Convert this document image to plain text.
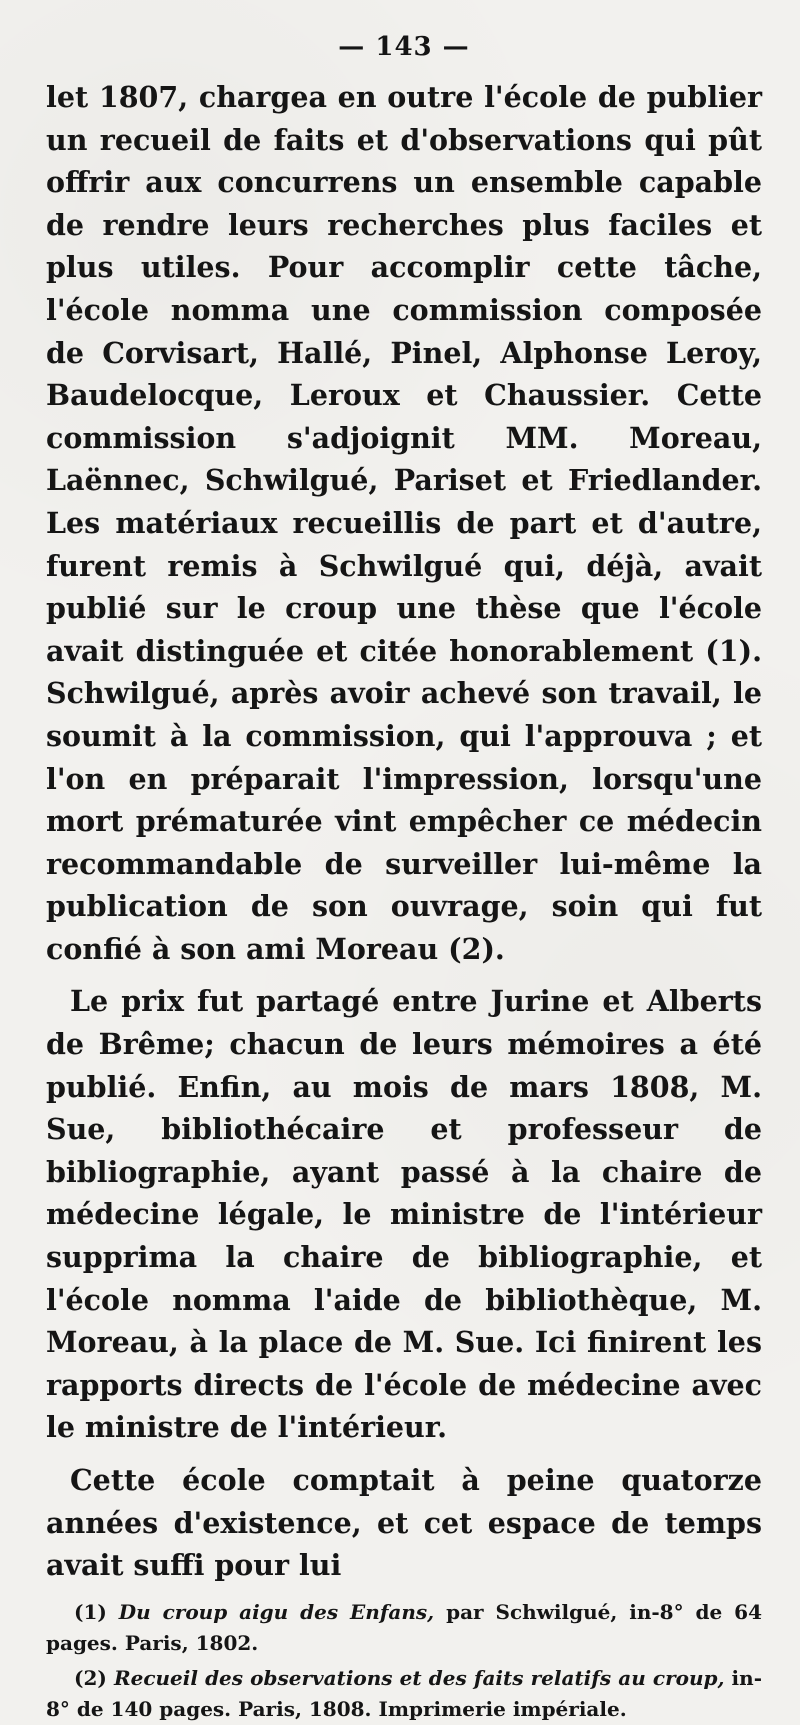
— 143 —

let 1807, chargea en outre l'école de publier un recueil de faits et d'observations qui pût offrir aux concurrens un ensemble capable de rendre leurs recherches plus faciles et plus utiles. Pour accomplir cette tâche, l'école nomma une commission composée de Corvisart, Hallé, Pinel, Alphonse Leroy, Baudelocque, Leroux et Chaussier. Cette commission s'adjoignit MM. Moreau, Laënnec, Schwilgué, Pariset et Friedlander. Les matériaux recueillis de part et d'autre, furent remis à Schwilgué qui, déjà, avait publié sur le croup une thèse que l'école avait distinguée et citée honorablement (1). Schwilgué, après avoir achevé son travail, le soumit à la commission, qui l'approuva ; et l'on en préparait l'impression, lorsqu'une mort prématurée vint empêcher ce médecin recommandable de surveiller lui-même la publication de son ouvrage, soin qui fut confié à son ami Moreau (2).

Le prix fut partagé entre Jurine et Alberts de Brême; chacun de leurs mémoires a été publié. Enfin, au mois de mars 1808, M. Sue, bibliothécaire et professeur de bibliographie, ayant passé à la chaire de médecine légale, le ministre de l'intérieur supprima la chaire de bibliographie, et l'école nomma l'aide de bibliothèque, M. Moreau, à la place de M. Sue. Ici finirent les rapports directs de l'école de médecine avec le ministre de l'intérieur.

Cette école comptait à peine quatorze années d'existence, et cet espace de temps avait suffi pour lui

(1) Du croup aigu des Enfans, par Schwilgué, in-8° de 64 pages. Paris, 1802.

(2) Recueil des observations et des faits relatifs au croup, in-8° de 140 pages. Paris, 1808. Imprimerie impériale.
